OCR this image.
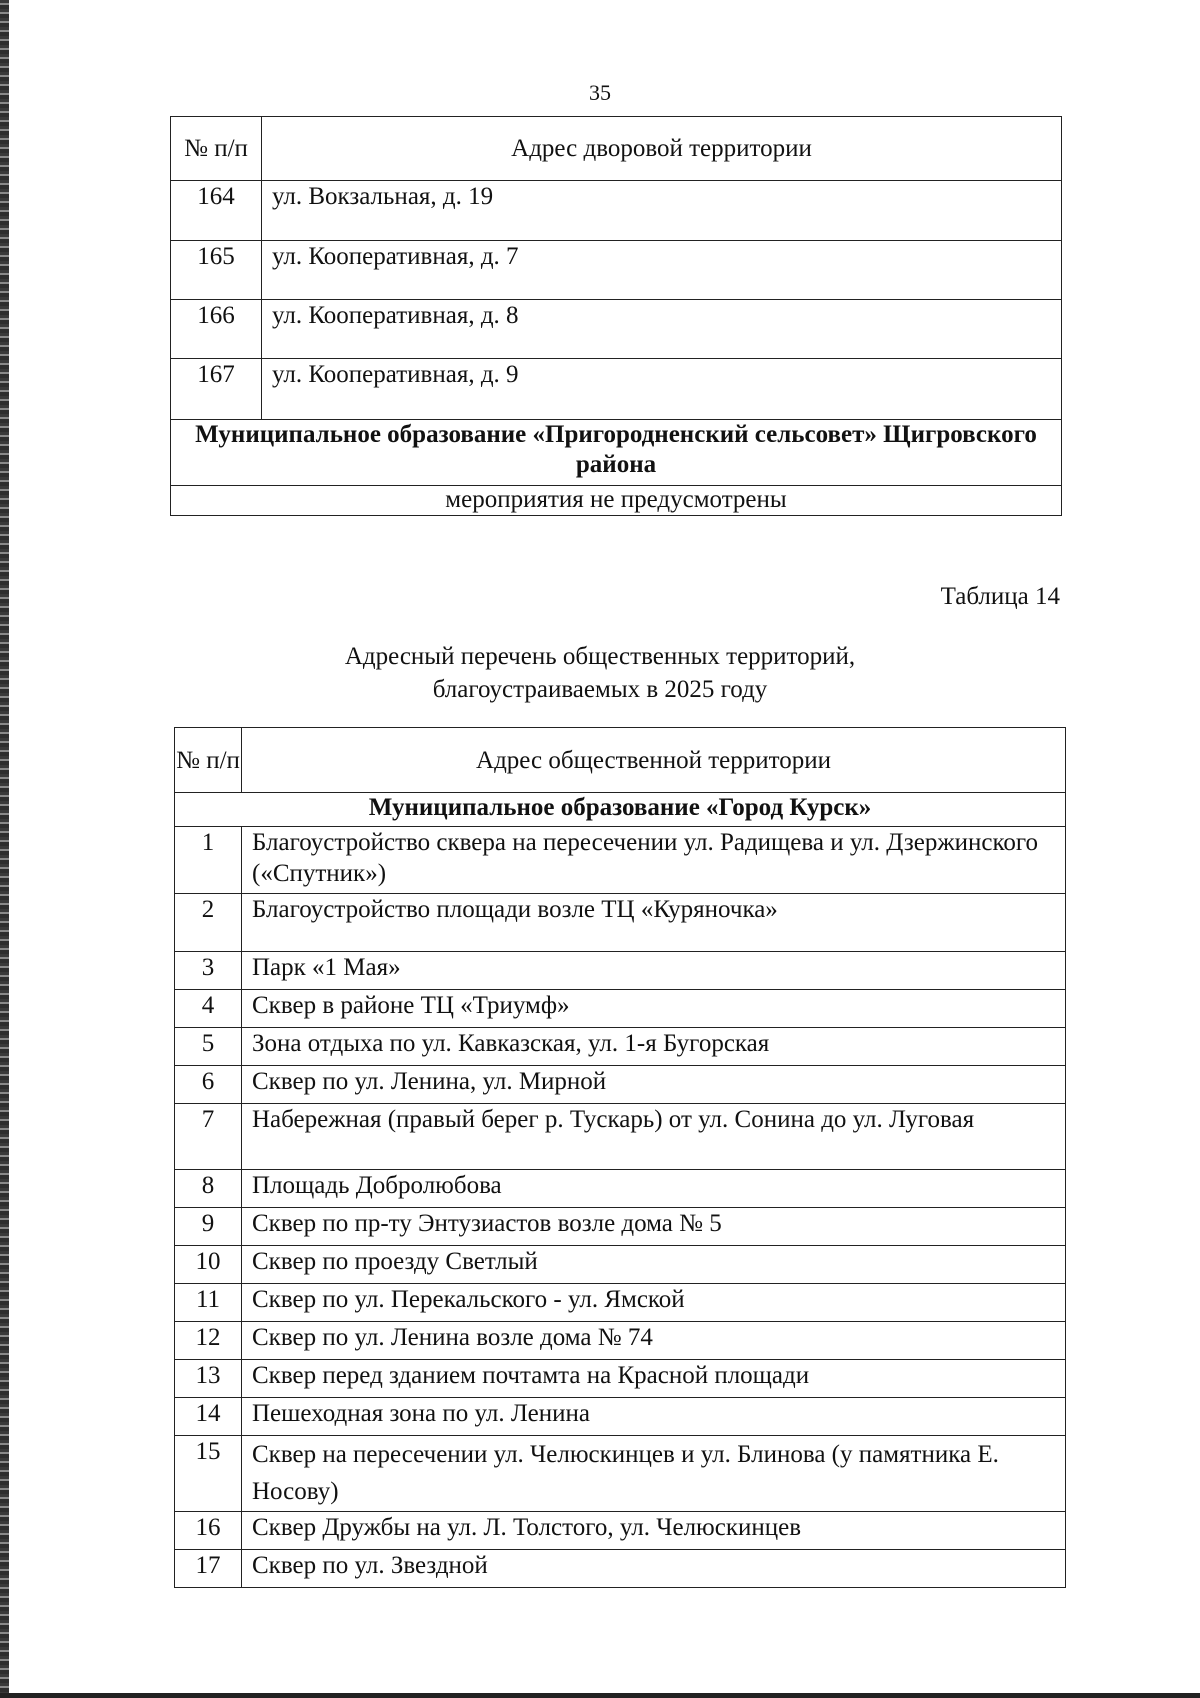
35
№ п/п	Адрес дворовой территории
164	ул. Вокзальная, д. 19
165	ул. Кооперативная, д. 7
166	ул. Кооперативная, д. 8
167	ул. Кооперативная, д. 9
Муниципальное образование «Пригородненский сельсовет» Щигровского района	
мероприятия не предусмотрены	
Таблица 14
Адресный перечень общественных территорий,
благоустраиваемых в 2025 году
№ п/п	Адрес общественной территории
Муниципальное образование «Город Курск»	
1	Благоустройство сквера на пересечении ул. Радищева и ул. Дзержинского («Спутник»)
2	Благоустройство площади возле ТЦ «Куряночка»
3	Парк «1 Мая»
4	Сквер в районе ТЦ «Триумф»
5	Зона отдыха по ул. Кавказская, ул. 1-я Бугорская
6	Сквер по ул. Ленина, ул. Мирной
7	Набережная (правый берег р. Тускарь) от ул. Сонина до ул. Луговая
8	Площадь Добролюбова
9	Сквер по пр-ту Энтузиастов возле дома № 5
10	Сквер по проезду Светлый
11	Сквер по ул. Перекальского - ул. Ямской
12	Сквер по ул. Ленина возле дома № 74
13	Сквер перед зданием почтамта на Красной площади
14	Пешеходная зона по ул. Ленина
15	Сквер на пересечении ул. Челюскинцев и ул. Блинова (у памятника Е. Носову)
16	Сквер Дружбы на ул. Л. Толстого, ул. Челюскинцев
17	Сквер по ул. Звездной
